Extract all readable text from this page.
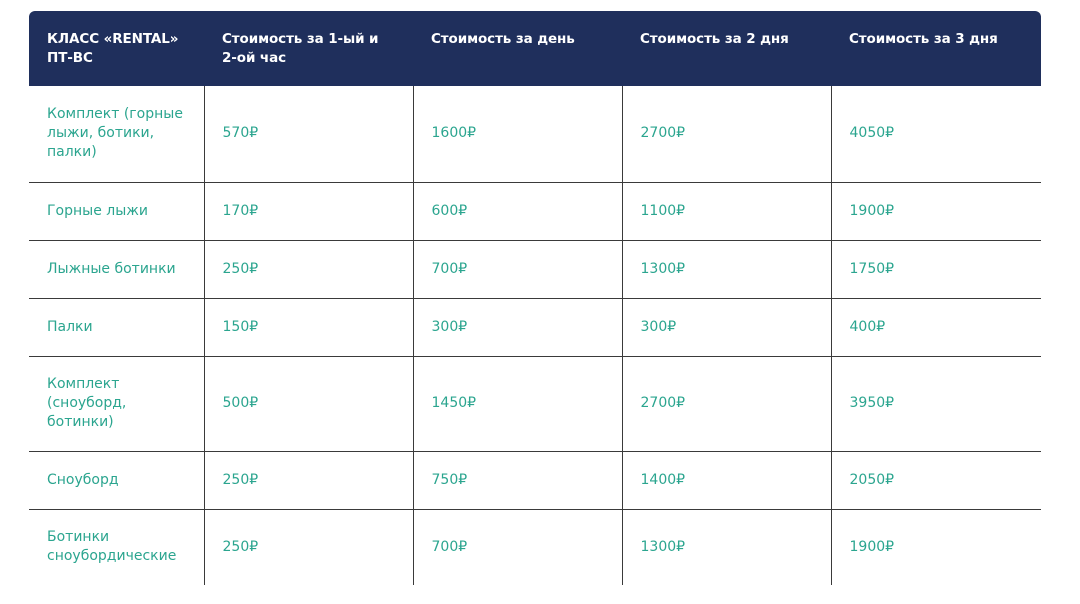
КЛАСС «RENTAL» ПТ-ВС	Стоимость за 1-ый и 2-ой час	Стоимость за день	Стоимость за 2 дня	Стоимость за 3 дня
Комплект (горные лыжи, ботики, палки)	570₽	1600₽	2700₽	4050₽
Горные лыжи	170₽	600₽	1100₽	1900₽
Лыжные ботинки	250₽	700₽	1300₽	1750₽
Палки	150₽	300₽	300₽	400₽
Комплект (сноуборд, ботинки)	500₽	1450₽	2700₽	3950₽
Сноуборд	250₽	750₽	1400₽	2050₽
Ботинки сноубордические	250₽	700₽	1300₽	1900₽
